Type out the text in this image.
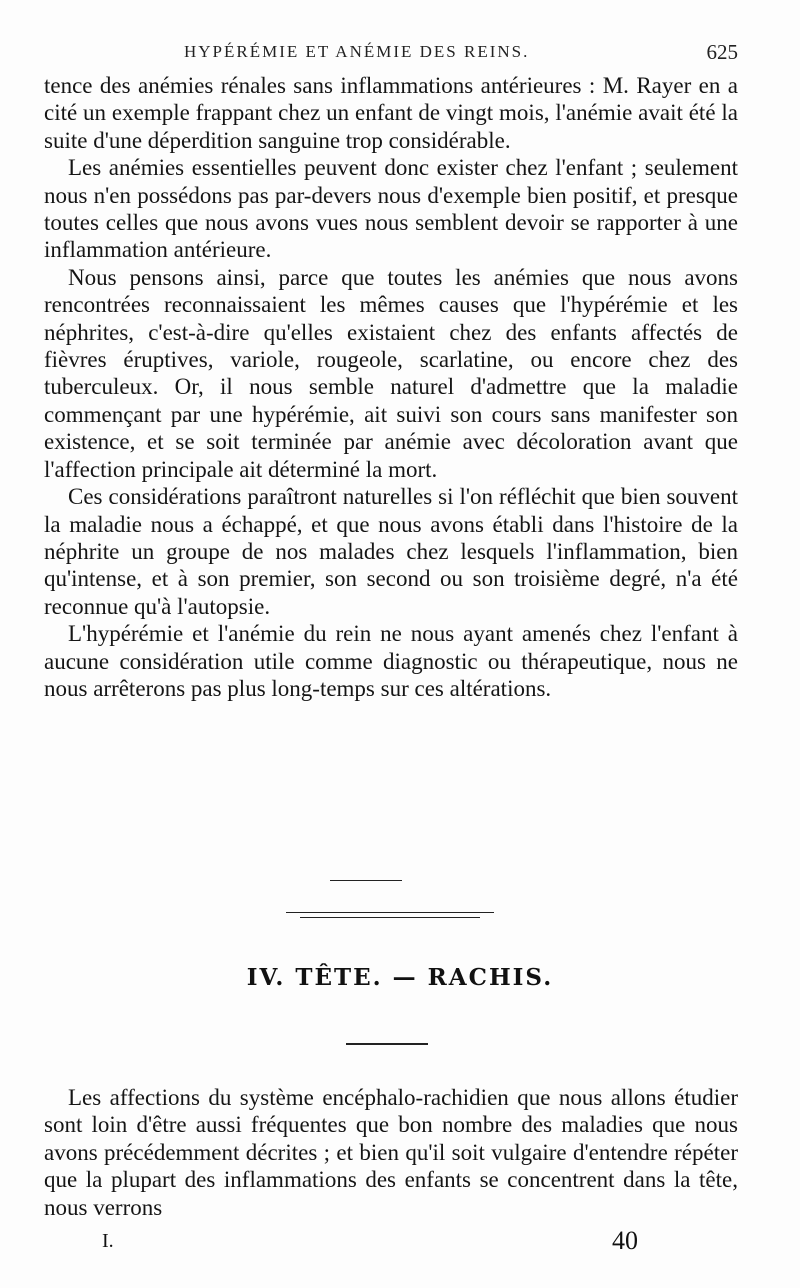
HYPÉRÉMIE ET ANÉMIE DES REINS.	625

tence des anémies rénales sans inflammations antérieures : M. Rayer en a cité un exemple frappant chez un enfant de vingt mois, l'anémie avait été la suite d'une déperdition sanguine trop considérable.

Les anémies essentielles peuvent donc exister chez l'enfant ; seulement nous n'en possédons pas par-devers nous d'exemple bien positif, et presque toutes celles que nous avons vues nous semblent devoir se rapporter à une inflammation antérieure.

Nous pensons ainsi, parce que toutes les anémies que nous avons rencontrées reconnaissaient les mêmes causes que l'hypérémie et les néphrites, c'est-à-dire qu'elles existaient chez des enfants affectés de fièvres éruptives, variole, rougeole, scarlatine, ou encore chez des tuberculeux. Or, il nous semble naturel d'admettre que la maladie commençant par une hypérémie, ait suivi son cours sans manifester son existence, et se soit terminée par anémie avec décoloration avant que l'affection principale ait déterminé la mort.

Ces considérations paraîtront naturelles si l'on réfléchit que bien souvent la maladie nous a échappé, et que nous avons établi dans l'histoire de la néphrite un groupe de nos malades chez lesquels l'inflammation, bien qu'intense, et à son premier, son second ou son troisième degré, n'a été reconnue qu'à l'autopsie.

L'hypérémie et l'anémie du rein ne nous ayant amenés chez l'enfant à aucune considération utile comme diagnostic ou thérapeutique, nous ne nous arrêterons pas plus long-temps sur ces altérations.

IV. TÊTE. — RACHIS.

Les affections du système encéphalo-rachidien que nous allons étudier sont loin d'être aussi fréquentes que bon nombre des maladies que nous avons précédemment décrites ; et bien qu'il soit vulgaire d'entendre répéter que la plupart des inflammations des enfants se concentrent dans la tête, nous verrons

I.	40
